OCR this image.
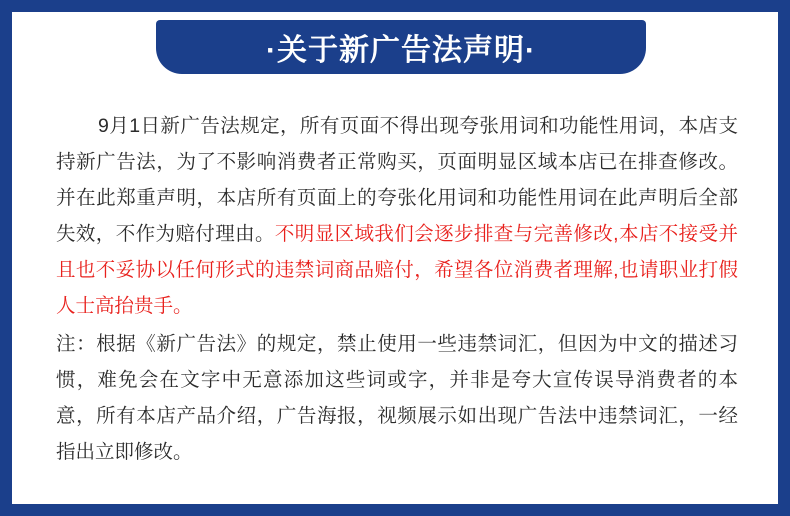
·关于新广告法声明·

9月1日新广告法规定，所有页面不得出现夸张用词和功能性用词，本店支持新广告法，为了不影响消费者正常购买，页面明显区域本店已在排查修改。并在此郑重声明，本店所有页面上的夸张化用词和功能性用词在此声明后全部失效，不作为赔付理由。不明显区域我们会逐步排查与完善修改,本店不接受并且也不妥协以任何形式的违禁词商品赔付，希望各位消费者理解,也请职业打假人士高抬贵手。

注：根据《新广告法》的规定，禁止使用一些违禁词汇，但因为中文的描述习惯，难免会在文字中无意添加这些词或字，并非是夸大宣传误导消费者的本意，所有本店产品介绍，广告海报，视频展示如出现广告法中违禁词汇，一经指出立即修改。
